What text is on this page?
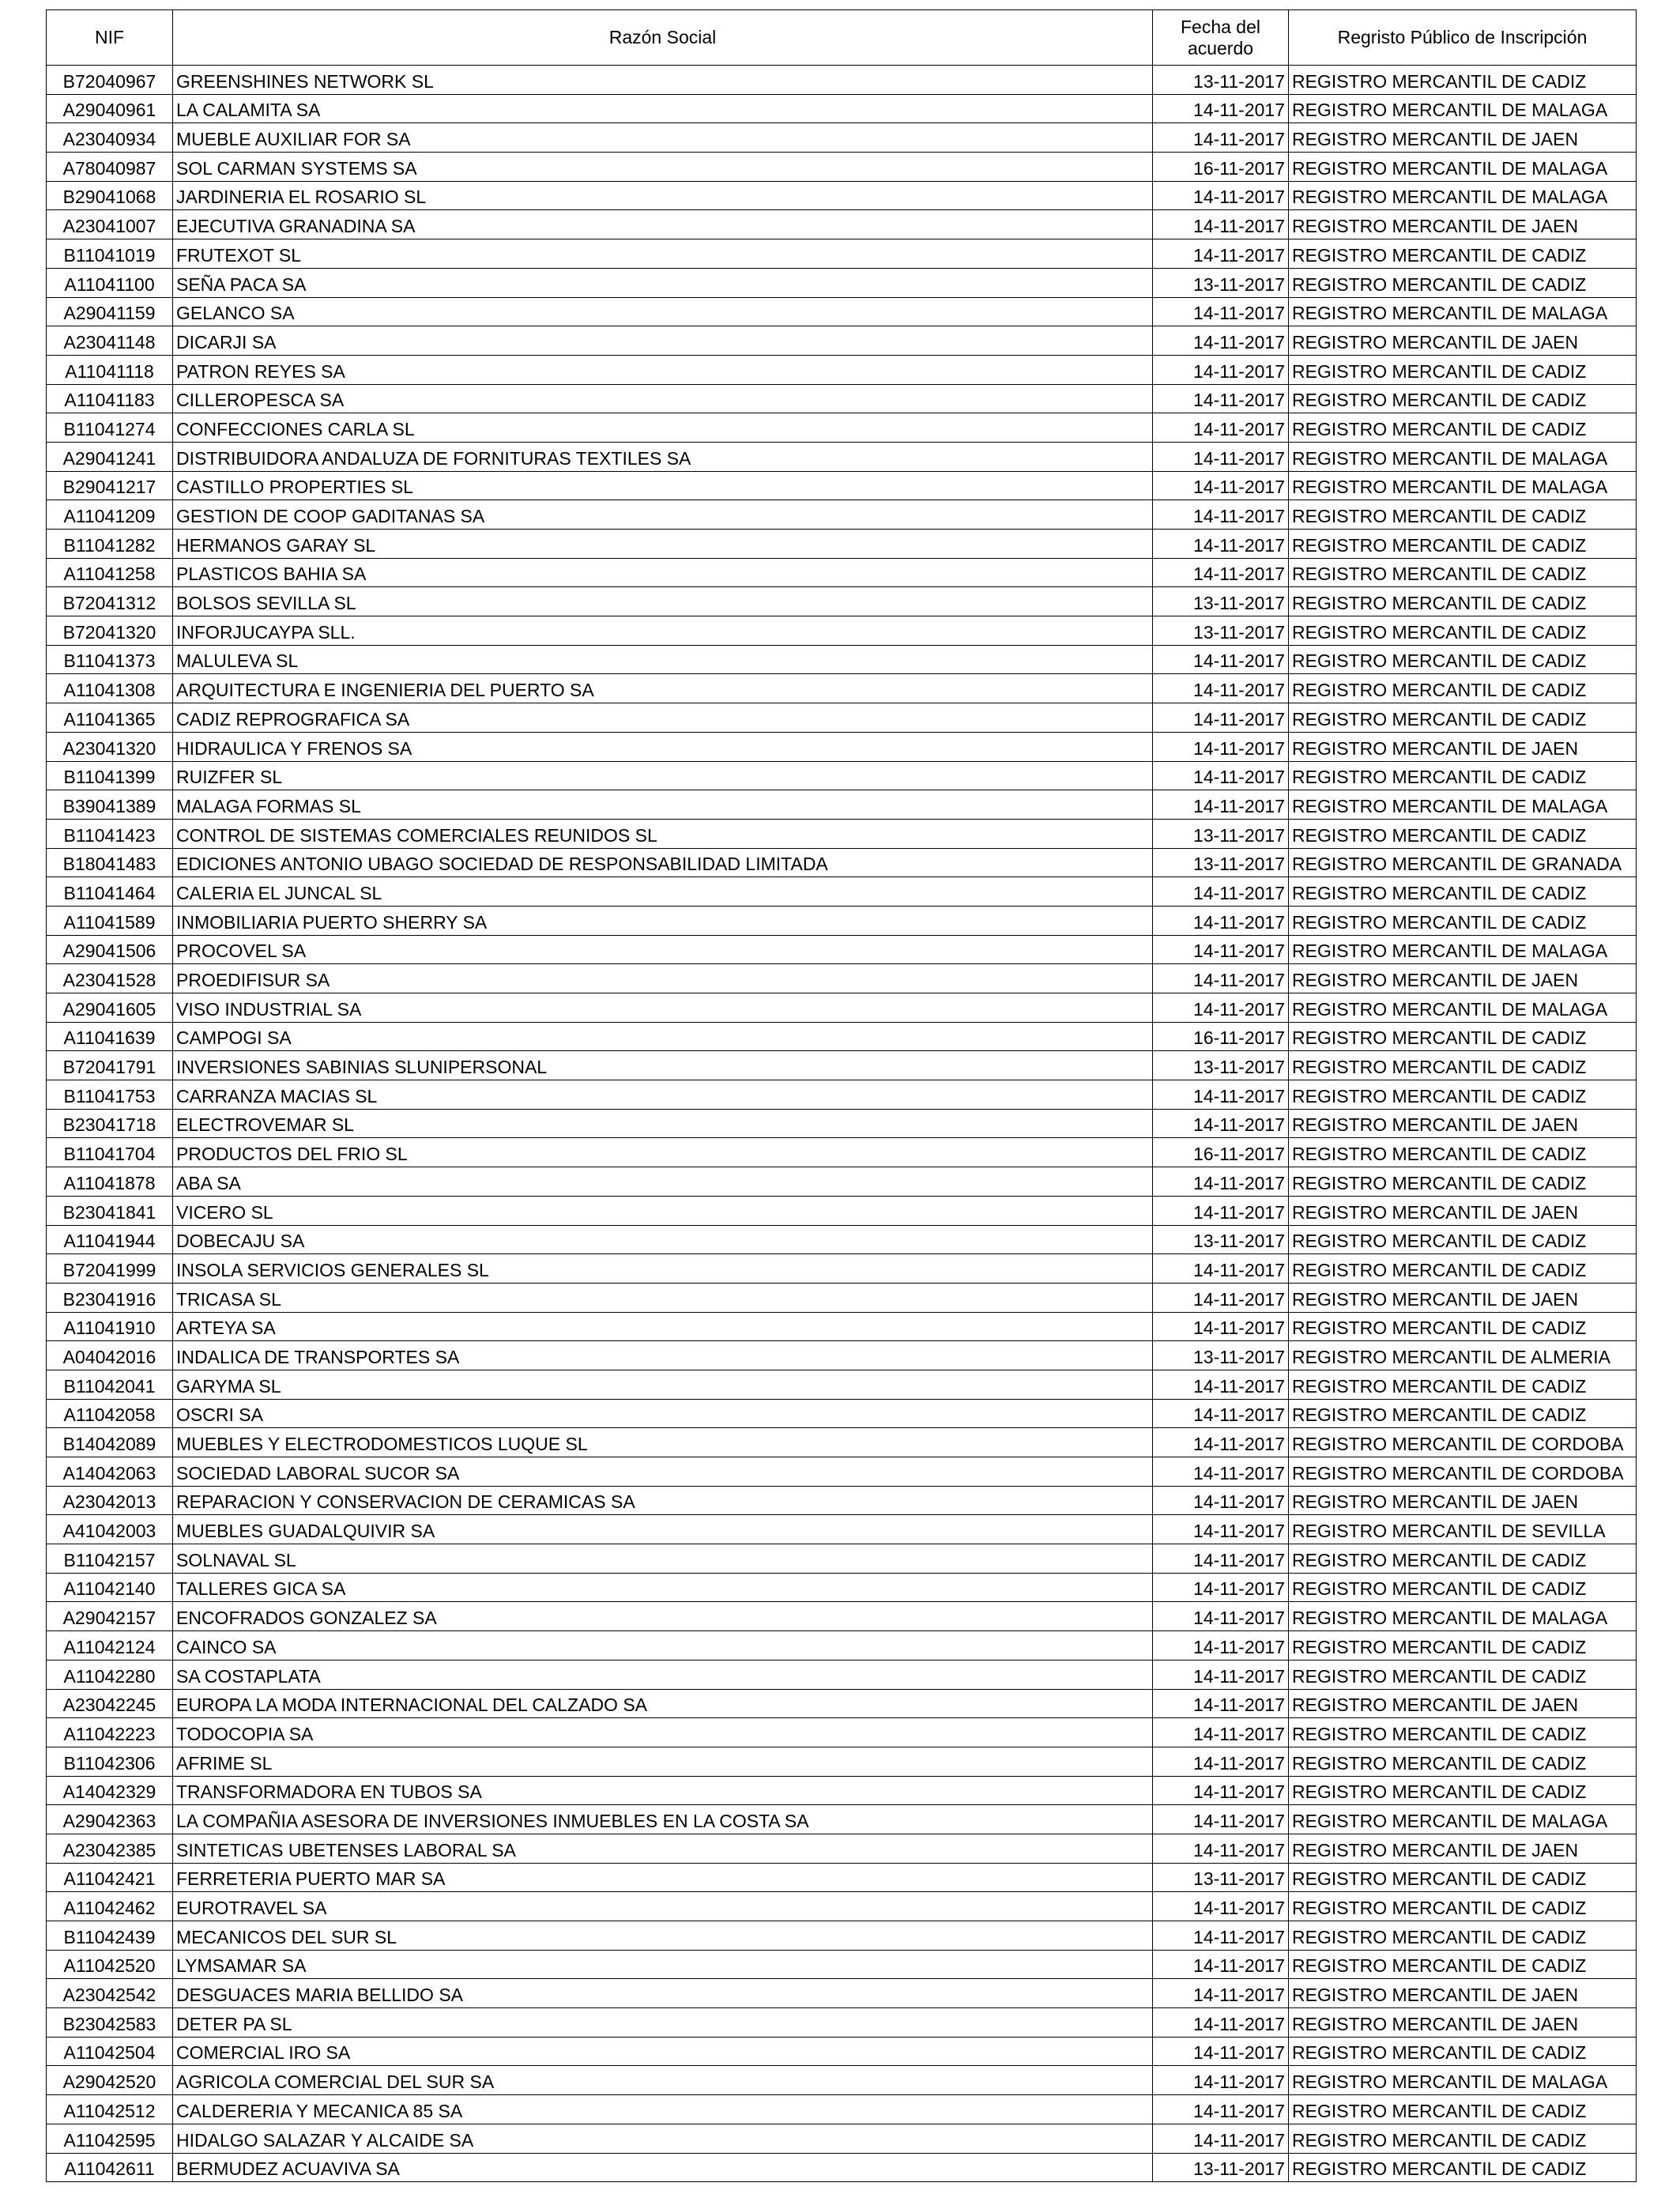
NIF	Razón Social	Fecha del acuerdo	Regristo Público de Inscripción
B72040967	GREENSHINES NETWORK SL	13-11-2017	REGISTRO MERCANTIL DE CADIZ
A29040961	LA CALAMITA SA	14-11-2017	REGISTRO MERCANTIL DE MALAGA
A23040934	MUEBLE AUXILIAR FOR SA	14-11-2017	REGISTRO MERCANTIL DE JAEN
A78040987	SOL CARMAN SYSTEMS SA	16-11-2017	REGISTRO MERCANTIL DE MALAGA
B29041068	JARDINERIA EL ROSARIO SL	14-11-2017	REGISTRO MERCANTIL DE MALAGA
A23041007	EJECUTIVA GRANADINA SA	14-11-2017	REGISTRO MERCANTIL DE JAEN
B11041019	FRUTEXOT SL	14-11-2017	REGISTRO MERCANTIL DE CADIZ
A11041100	SEÑA PACA SA	13-11-2017	REGISTRO MERCANTIL DE CADIZ
A29041159	GELANCO SA	14-11-2017	REGISTRO MERCANTIL DE MALAGA
A23041148	DICARJI SA	14-11-2017	REGISTRO MERCANTIL DE JAEN
A11041118	PATRON REYES SA	14-11-2017	REGISTRO MERCANTIL DE CADIZ
A11041183	CILLEROPESCA SA	14-11-2017	REGISTRO MERCANTIL DE CADIZ
B11041274	CONFECCIONES CARLA SL	14-11-2017	REGISTRO MERCANTIL DE CADIZ
A29041241	DISTRIBUIDORA ANDALUZA DE FORNITURAS TEXTILES SA	14-11-2017	REGISTRO MERCANTIL DE MALAGA
B29041217	CASTILLO PROPERTIES SL	14-11-2017	REGISTRO MERCANTIL DE MALAGA
A11041209	GESTION DE COOP GADITANAS SA	14-11-2017	REGISTRO MERCANTIL DE CADIZ
B11041282	HERMANOS GARAY SL	14-11-2017	REGISTRO MERCANTIL DE CADIZ
A11041258	PLASTICOS BAHIA SA	14-11-2017	REGISTRO MERCANTIL DE CADIZ
B72041312	BOLSOS SEVILLA SL	13-11-2017	REGISTRO MERCANTIL DE CADIZ
B72041320	INFORJUCAYPA SLL.	13-11-2017	REGISTRO MERCANTIL DE CADIZ
B11041373	MALULEVA SL	14-11-2017	REGISTRO MERCANTIL DE CADIZ
A11041308	ARQUITECTURA E INGENIERIA DEL PUERTO SA	14-11-2017	REGISTRO MERCANTIL DE CADIZ
A11041365	CADIZ REPROGRAFICA SA	14-11-2017	REGISTRO MERCANTIL DE CADIZ
A23041320	HIDRAULICA Y FRENOS SA	14-11-2017	REGISTRO MERCANTIL DE JAEN
B11041399	RUIZFER SL	14-11-2017	REGISTRO MERCANTIL DE CADIZ
B39041389	MALAGA FORMAS SL	14-11-2017	REGISTRO MERCANTIL DE MALAGA
B11041423	CONTROL DE SISTEMAS COMERCIALES REUNIDOS SL	13-11-2017	REGISTRO MERCANTIL DE CADIZ
B18041483	EDICIONES ANTONIO UBAGO SOCIEDAD DE RESPONSABILIDAD LIMITADA	13-11-2017	REGISTRO MERCANTIL DE GRANADA
B11041464	CALERIA EL JUNCAL SL	14-11-2017	REGISTRO MERCANTIL DE CADIZ
A11041589	INMOBILIARIA PUERTO SHERRY SA	14-11-2017	REGISTRO MERCANTIL DE CADIZ
A29041506	PROCOVEL SA	14-11-2017	REGISTRO MERCANTIL DE MALAGA
A23041528	PROEDIFISUR SA	14-11-2017	REGISTRO MERCANTIL DE JAEN
A29041605	VISO INDUSTRIAL SA	14-11-2017	REGISTRO MERCANTIL DE MALAGA
A11041639	CAMPOGI SA	16-11-2017	REGISTRO MERCANTIL DE CADIZ
B72041791	INVERSIONES SABINIAS SLUNIPERSONAL	13-11-2017	REGISTRO MERCANTIL DE CADIZ
B11041753	CARRANZA MACIAS SL	14-11-2017	REGISTRO MERCANTIL DE CADIZ
B23041718	ELECTROVEMAR SL	14-11-2017	REGISTRO MERCANTIL DE JAEN
B11041704	PRODUCTOS DEL FRIO SL	16-11-2017	REGISTRO MERCANTIL DE CADIZ
A11041878	ABA SA	14-11-2017	REGISTRO MERCANTIL DE CADIZ
B23041841	VICERO SL	14-11-2017	REGISTRO MERCANTIL DE JAEN
A11041944	DOBECAJU SA	13-11-2017	REGISTRO MERCANTIL DE CADIZ
B72041999	INSOLA SERVICIOS GENERALES SL	14-11-2017	REGISTRO MERCANTIL DE CADIZ
B23041916	TRICASA SL	14-11-2017	REGISTRO MERCANTIL DE JAEN
A11041910	ARTEYA SA	14-11-2017	REGISTRO MERCANTIL DE CADIZ
A04042016	INDALICA DE TRANSPORTES SA	13-11-2017	REGISTRO MERCANTIL DE ALMERIA
B11042041	GARYMA SL	14-11-2017	REGISTRO MERCANTIL DE CADIZ
A11042058	OSCRI SA	14-11-2017	REGISTRO MERCANTIL DE CADIZ
B14042089	MUEBLES Y ELECTRODOMESTICOS LUQUE SL	14-11-2017	REGISTRO MERCANTIL DE CORDOBA
A14042063	SOCIEDAD LABORAL SUCOR SA	14-11-2017	REGISTRO MERCANTIL DE CORDOBA
A23042013	REPARACION Y CONSERVACION DE CERAMICAS SA	14-11-2017	REGISTRO MERCANTIL DE JAEN
A41042003	MUEBLES GUADALQUIVIR SA	14-11-2017	REGISTRO MERCANTIL DE SEVILLA
B11042157	SOLNAVAL SL	14-11-2017	REGISTRO MERCANTIL DE CADIZ
A11042140	TALLERES GICA SA	14-11-2017	REGISTRO MERCANTIL DE CADIZ
A29042157	ENCOFRADOS GONZALEZ SA	14-11-2017	REGISTRO MERCANTIL DE MALAGA
A11042124	CAINCO SA	14-11-2017	REGISTRO MERCANTIL DE CADIZ
A11042280	SA COSTAPLATA	14-11-2017	REGISTRO MERCANTIL DE CADIZ
A23042245	EUROPA LA MODA INTERNACIONAL DEL CALZADO SA	14-11-2017	REGISTRO MERCANTIL DE JAEN
A11042223	TODOCOPIA SA	14-11-2017	REGISTRO MERCANTIL DE CADIZ
B11042306	AFRIME SL	14-11-2017	REGISTRO MERCANTIL DE CADIZ
A14042329	TRANSFORMADORA EN TUBOS SA	14-11-2017	REGISTRO MERCANTIL DE CADIZ
A29042363	LA COMPAÑIA ASESORA DE INVERSIONES INMUEBLES EN LA COSTA SA	14-11-2017	REGISTRO MERCANTIL DE MALAGA
A23042385	SINTETICAS UBETENSES LABORAL SA	14-11-2017	REGISTRO MERCANTIL DE JAEN
A11042421	FERRETERIA PUERTO MAR SA	13-11-2017	REGISTRO MERCANTIL DE CADIZ
A11042462	EUROTRAVEL SA	14-11-2017	REGISTRO MERCANTIL DE CADIZ
B11042439	MECANICOS DEL SUR SL	14-11-2017	REGISTRO MERCANTIL DE CADIZ
A11042520	LYMSAMAR SA	14-11-2017	REGISTRO MERCANTIL DE CADIZ
A23042542	DESGUACES MARIA BELLIDO SA	14-11-2017	REGISTRO MERCANTIL DE JAEN
B23042583	DETER PA SL	14-11-2017	REGISTRO MERCANTIL DE JAEN
A11042504	COMERCIAL IRO SA	14-11-2017	REGISTRO MERCANTIL DE CADIZ
A29042520	AGRICOLA COMERCIAL DEL SUR SA	14-11-2017	REGISTRO MERCANTIL DE MALAGA
A11042512	CALDERERIA Y MECANICA 85 SA	14-11-2017	REGISTRO MERCANTIL DE CADIZ
A11042595	HIDALGO SALAZAR Y ALCAIDE SA	14-11-2017	REGISTRO MERCANTIL DE CADIZ
A11042611	BERMUDEZ ACUAVIVA SA	13-11-2017	REGISTRO MERCANTIL DE CADIZ
